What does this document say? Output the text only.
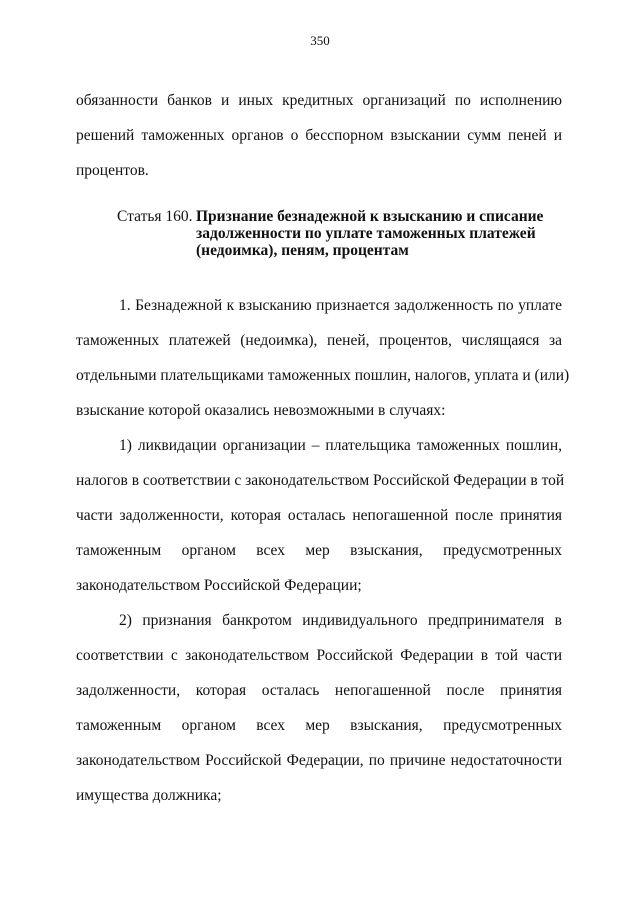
350
обязанности банков и иных кредитных организаций по исполнению
решений таможенных органов о бесспорном взыскании сумм пеней и
процентов.
Статья 160. Признание безнадежной к взысканию и списание
задолженности по уплате таможенных платежей
(недоимка), пеням, процентам
1. Безнадежной к взысканию признается задолженность по уплате
таможенных платежей (недоимка), пеней, процентов, числящаяся за
отдельными плательщиками таможенных пошлин, налогов, уплата и (или)
взыскание которой оказались невозможными в случаях:
1) ликвидации организации – плательщика таможенных пошлин,
налогов в соответствии с законодательством Российской Федерации в той
части задолженности, которая осталась непогашенной после принятия
таможенным органом всех мер взыскания, предусмотренных
законодательством Российской Федерации;
2) признания банкротом индивидуального предпринимателя в
соответствии с законодательством Российской Федерации в той части
задолженности, которая осталась непогашенной после принятия
таможенным органом всех мер взыскания, предусмотренных
законодательством Российской Федерации, по причине недостаточности
имущества должника;
